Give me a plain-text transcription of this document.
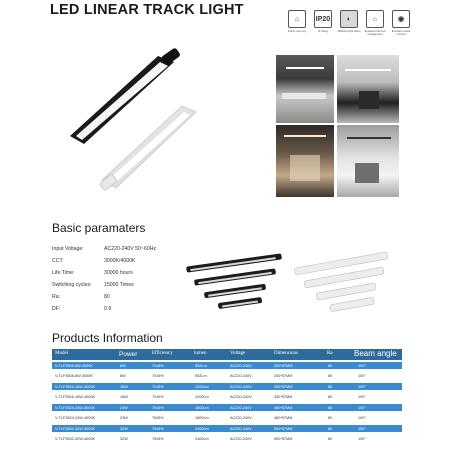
LED LINEAR TRACK LIGHT
⌂
Indoor use only
IP20
IP rating
◐
Diffused light effect
☼
Excellent thermal management
◉
Excellent visual comfort
Basic paramaters
Input Voltage:	AC220-240V 50~60Hz
CCT:	3000K/4000K
Life Time:	30000 hours
Switching cycles: 15000 Times
Ra:	80
DF:	0.9
Products Information
Model	Power	Efficiency	lumen	Voltage	Dimensions	Ra	Beam angle
V-TLF3508-8W-3000K	8W	70±5%	552Lm	AC220-240V	200*57MM	80	100°
V-TLF3508-8W-4000K	8W	70±5%	552Lm	AC220-240V	200*57MM	80	100°
V-TLF3516-16W-3000K	16W	70±5%	1200Lm	AC220-240V	330*57MM	80	100°
V-TLF3516-16W-4000K	16W	70±5%	1200Lm	AC220-240V	330*57MM	80	100°
V-TLF3524-24W-3000K	24W	75±5%	1800Lm	AC220-240V	460*57MM	80	100°
V-TLF3524-24W-4000K	24W	75±5%	1800Lm	AC220-240V	460*57MM	80	100°
V-TLF3532-32W-3000K	32W	75±5%	2400Lm	AC220-240V	590*57MM	80	100°
V-TLF3532-32W-4000K	32W	75±5%	2400Lm	AC220-240V	590*57MM	80	100°
